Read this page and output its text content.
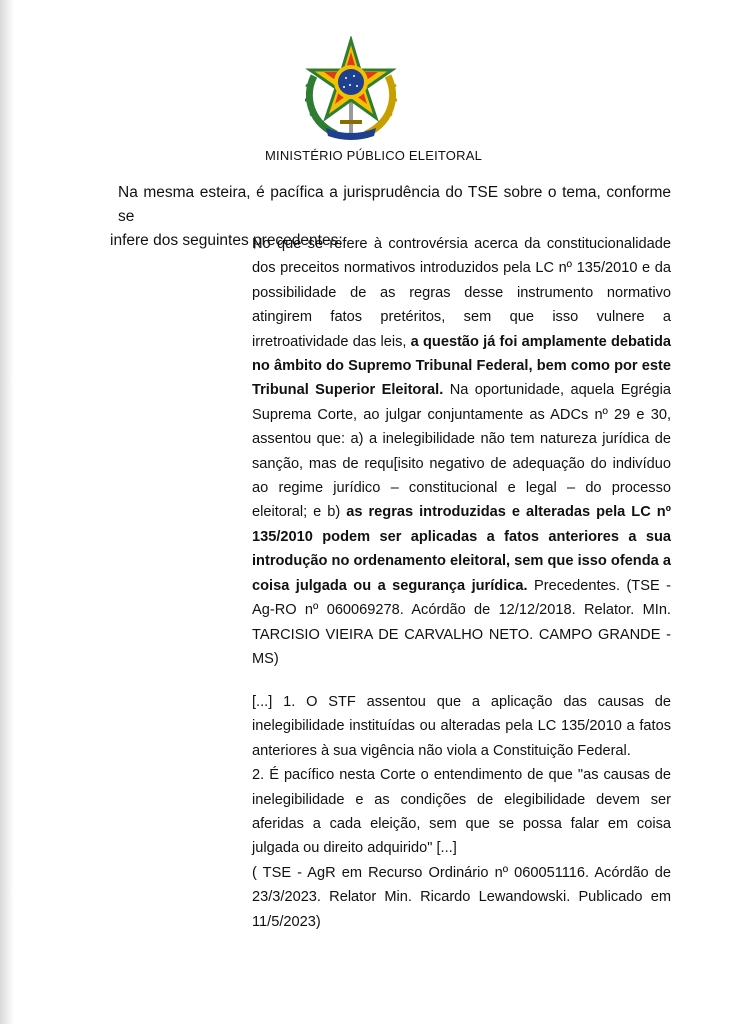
MINISTÉRIO PÚBLICO ELEITORAL
Na mesma esteira, é pacífica a jurisprudência do TSE sobre o tema, conforme se
infere dos seguintes precedentes:

No que se refere à controvérsia acerca da constitucionalidade dos preceitos normativos introduzidos pela LC nº 135/2010 e da possibilidade de as regras desse instrumento normativo atingirem fatos pretéritos, sem que isso vulnere a irretroatividade das leis, a questão já foi amplamente debatida no âmbito do Supremo Tribunal Federal, bem como por este Tribunal Superior Eleitoral. Na oportunidade, aquela Egrégia Suprema Corte, ao julgar conjuntamente as ADCs nº 29 e 30, assentou que: a) a inelegibilidade não tem natureza jurídica de sanção, mas de requ[isito negativo de adequação do indivíduo ao regime jurídico – constitucional e legal – do processo eleitoral; e b) as regras introduzidas e alteradas pela LC nº 135/2010 podem ser aplicadas a fatos anteriores a sua introdução no ordenamento eleitoral, sem que isso ofenda a coisa julgada ou a segurança jurídica. Precedentes. (TSE - Ag-RO nº 060069278. Acórdão de 12/12/2018. Relator. MIn. TARCISIO VIEIRA DE CARVALHO NETO. CAMPO GRANDE - MS)

[...] 1. O STF assentou que a aplicação das causas de inelegibilidade instituídas ou alteradas pela LC 135/2010 a fatos anteriores à sua vigência não viola a Constituição Federal.

2. É pacífico nesta Corte o entendimento de que "as causas de inelegibilidade e as condições de elegibilidade devem ser aferidas a cada eleição, sem que se possa falar em coisa julgada ou direito adquirido" [...]

( TSE - AgR em Recurso Ordinário nº 060051116. Acórdão de 23/3/2023. Relator Min. Ricardo Lewandowski. Publicado em 11/5/2023)
